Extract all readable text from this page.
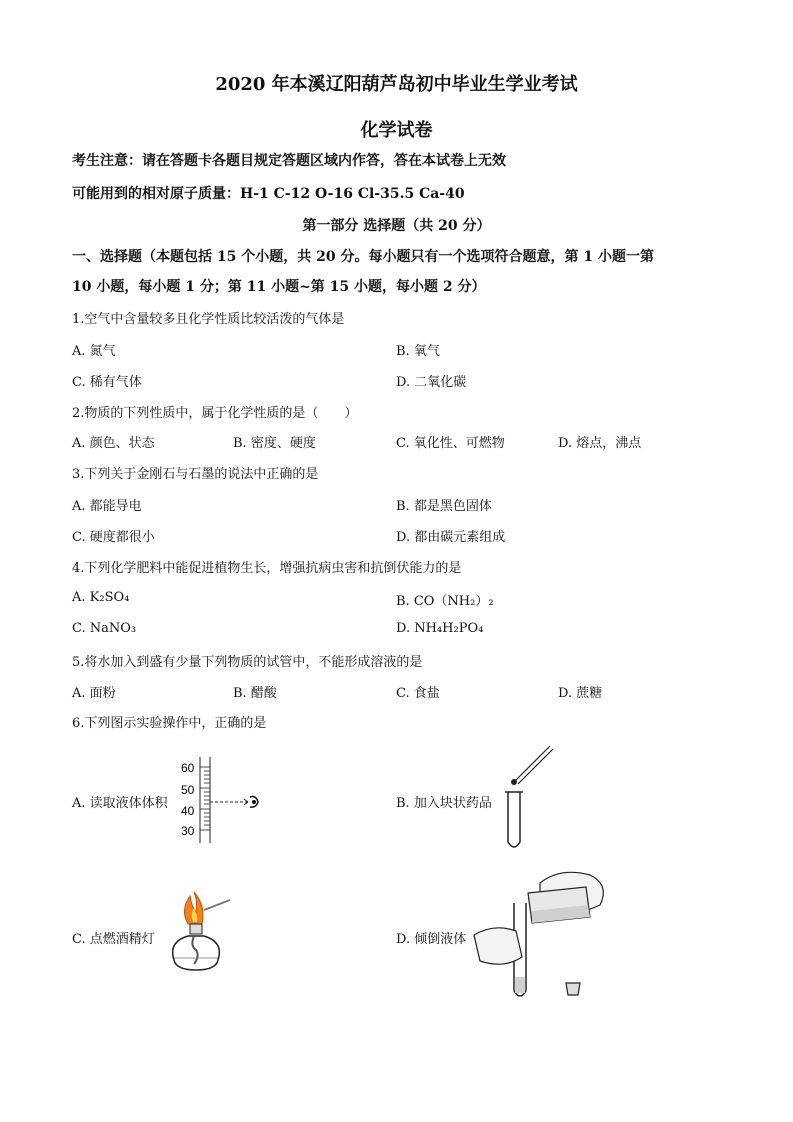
2020 年本溪辽阳葫芦岛初中毕业生学业考试
化学试卷
考生注意：请在答题卡各题目规定答题区域内作答，答在本试卷上无效
可能用到的相对原子质量：H-1 C-12 O-16 Cl-35.5 Ca-40
第一部分 选择题（共 20 分）
一、选择题（本题包括 15 个小题，共 20 分。每小题只有一个选项符合题意，第 1 小题一第
10 小题，每小题 1 分；第 11 小题~第 15 小题，每小题 2 分）
1.空气中含量较多且化学性质比较活泼的气体是
A. 氮气	B. 氧气
C. 稀有气体	D. 二氧化碳
2.物质的下列性质中，属于化学性质的是（　　）
A. 颜色、状态	B. 密度、硬度	C. 氧化性、可燃物	D. 熔点，沸点
3.下列关于金刚石与石墨的说法中正确的是
A. 都能导电	B. 都是黑色固体
C. 硬度都很小	D. 都由碳元素组成
4.下列化学肥料中能促进植物生长，增强抗病虫害和抗倒伏能力的是
A. K₂SO₄	B. CO（NH₂）₂
C. NaNO₃	D. NH₄H₂PO₄
5.将水加入到盛有少量下列物质的试管中，不能形成溶液的是
A. 面粉	B. 醋酸	C. 食盐	D. 蔗糖
6.下列图示实验操作中，正确的是
A. 读取液体体积	B. 加入块状药品
C. 点燃酒精灯	D. 倾倒液体
60
50
40
30
